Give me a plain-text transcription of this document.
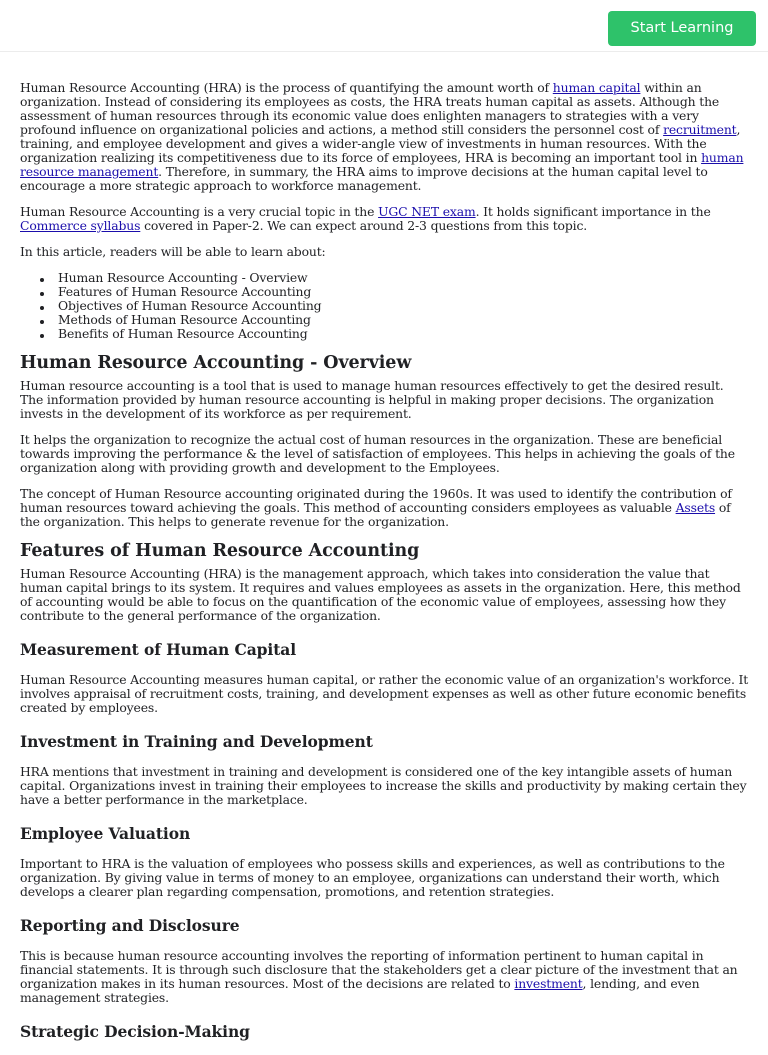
Start Learning

Human Resource Accounting (HRA) is the process of quantifying the amount worth of human capital within an organization. Instead of considering its employees as costs, the HRA treats human capital as assets. Although the assessment of human resources through its economic value does enlighten managers to strategies with a very profound influence on organizational policies and actions, a method still considers the personnel cost of recruitment, training, and employee development and gives a wider-angle view of investments in human resources. With the organization realizing its competitiveness due to its force of employees, HRA is becoming an important tool in human resource management. Therefore, in summary, the HRA aims to improve decisions at the human capital level to encourage a more strategic approach to workforce management.

Human Resource Accounting is a very crucial topic in the UGC NET exam. It holds significant importance in the Commerce syllabus covered in Paper-2. We can expect around 2-3 questions from this topic.

In this article, readers will be able to learn about:

Human Resource Accounting - Overview
Features of Human Resource Accounting
Objectives of Human Resource Accounting
Methods of Human Resource Accounting
Benefits of Human Resource Accounting
Human Resource Accounting - Overview

Human resource accounting is a tool that is used to manage human resources effectively to get the desired result. The information provided by human resource accounting is helpful in making proper decisions. The organization invests in the development of its workforce as per requirement.

It helps the organization to recognize the actual cost of human resources in the organization. These are beneficial towards improving the performance & the level of satisfaction of employees. This helps in achieving the goals of the organization along with providing growth and development to the Employees.

The concept of Human Resource accounting originated during the 1960s. It was used to identify the contribution of human resources toward achieving the goals. This method of accounting considers employees as valuable Assets of the organization. This helps to generate revenue for the organization.

Features of Human Resource Accounting

Human Resource Accounting (HRA) is the management approach, which takes into consideration the value that human capital brings to its system. It requires and values employees as assets in the organization. Here, this method of accounting would be able to focus on the quantification of the economic value of employees, assessing how they contribute to the general performance of the organization.

Measurement of Human Capital

Human Resource Accounting measures human capital, or rather the economic value of an organization's workforce. It involves appraisal of recruitment costs, training, and development expenses as well as other future economic benefits created by employees.

Investment in Training and Development

HRA mentions that investment in training and development is considered one of the key intangible assets of human capital. Organizations invest in training their employees to increase the skills and productivity by making certain they have a better performance in the marketplace.

Employee Valuation

Important to HRA is the valuation of employees who possess skills and experiences, as well as contributions to the organization. By giving value in terms of money to an employee, organizations can understand their worth, which develops a clearer plan regarding compensation, promotions, and retention strategies.

Reporting and Disclosure

This is because human resource accounting involves the reporting of information pertinent to human capital in financial statements. It is through such disclosure that the stakeholders get a clear picture of the investment that an organization makes in its human resources. Most of the decisions are related to investment, lending, and even management strategies.

Strategic Decision-Making
